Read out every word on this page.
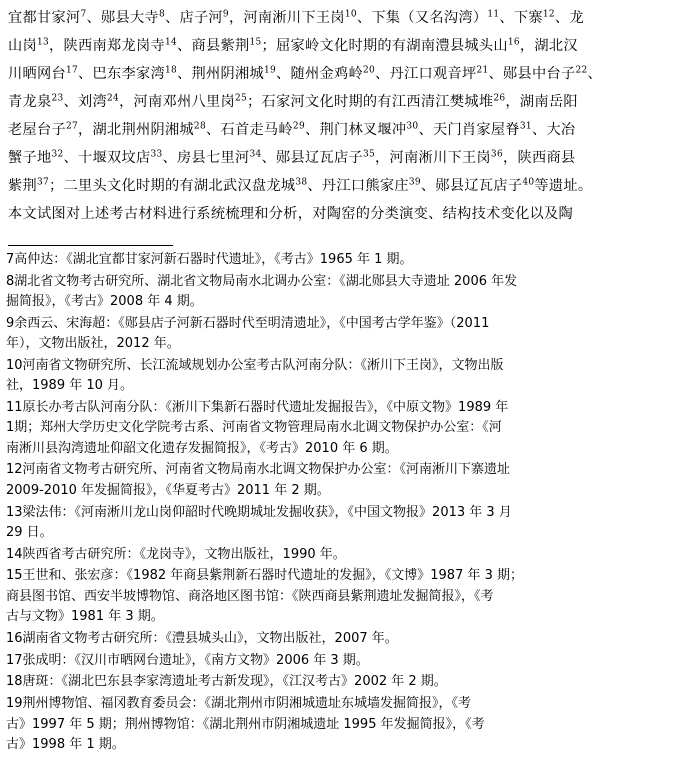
宜都甘家河$^7$、郧县大寺$^8$、店子河$^9$，河南淅川下王岗$^{10}$、下集（又名沟湾）$^{11}$、下寨$^{12}$、龙
山岗$^{13}$，陕西南郑龙岗寺$^{14}$、商县紫荆$^{15}$；屈家岭文化时期的有湖南澧县城头山$^{16}$，湖北汉
川晒网台$^{17}$、巴东李家湾$^{18}$、荆州阴湘城$^{19}$、随州金鸡岭$^{20}$、丹江口观音坪$^{21}$、郧县中台子$^{22}$、
青龙泉$^{23}$、刘湾$^{24}$，河南邓州八里岗$^{25}$；石家河文化时期的有江西清江樊城堆$^{26}$，湖南岳阳
老屋台子$^{27}$，湖北荆州阴湘城$^{28}$、石首走马岭$^{29}$、荆门林叉堰冲$^{30}$、天门肖家屋脊$^{31}$、大冶
蟹子地$^{32}$、十堰双坟店$^{33}$、房县七里河$^{34}$、郧县辽瓦店子$^{35}$，河南淅川下王岗$^{36}$，陕西商县
紫荆$^{37}$；二里头文化时期的有湖北武汉盘龙城$^{38}$、丹江口熊家庄$^{39}$、郧县辽瓦店子$^{40}$等遗址。
本文试图对上述考古材料进行系统梳理和分析，对陶窑的分类演变、结构技术变化以及陶
7高仲达：《湖北宜都甘家河新石器时代遗址》，《考古》1965 年 1 期。
8湖北省文物考古研究所、湖北省文物局南水北调办公室：《湖北郧县大寺遗址 2006 年发
掘简报》，《考古》2008 年 4 期。
9余西云、宋海超：《郧县店子河新石器时代至明清遗址》，《中国考古学年鉴》（2011
年），文物出版社，2012 年。
10河南省文物研究所、长江流域规划办公室考古队河南分队：《淅川下王岗》，文物出版
社，1989 年 10 月。
11原长办考古队河南分队：《淅川下集新石器时代遗址发掘报告》，《中原文物》1989 年
1期；郑州大学历史文化学院考古系、河南省文物管理局南水北调文物保护办公室：《河
南淅川县沟湾遗址仰韶文化遗存发掘简报》，《考古》2010 年 6 期。
12河南省文物考古研究所、河南省文物局南水北调文物保护办公室：《河南淅川下寨遗址
2009-2010 年发掘简报》，《华夏考古》2011 年 2 期。
13梁法伟：《河南淅川龙山岗仰韶时代晚期城址发掘收获》，《中国文物报》2013 年 3 月
29 日。
14陕西省考古研究所：《龙岗寺》，文物出版社，1990 年。
15王世和、张宏彦：《1982 年商县紫荆新石器时代遗址的发掘》，《文博》1987 年 3 期；
商县图书馆、西安半坡博物馆、商洛地区图书馆：《陕西商县紫荆遗址发掘简报》，《考
古与文物》1981 年 3 期。
16湖南省文物考古研究所：《澧县城头山》，文物出版社，2007 年。
17张成明：《汉川市晒网台遗址》，《南方文物》2006 年 3 期。
18唐斑：《湖北巴东县李家湾遗址考古新发现》，《江汉考古》2002 年 2 期。
19荆州博物馆、福冈教育委员会：《湖北荆州市阴湘城遗址东城墙发掘简报》，《考
古》1997 年 5 期；荆州博物馆：《湖北荆州市阴湘城遗址 1995 年发掘简报》，《考
古》1998 年 1 期。
